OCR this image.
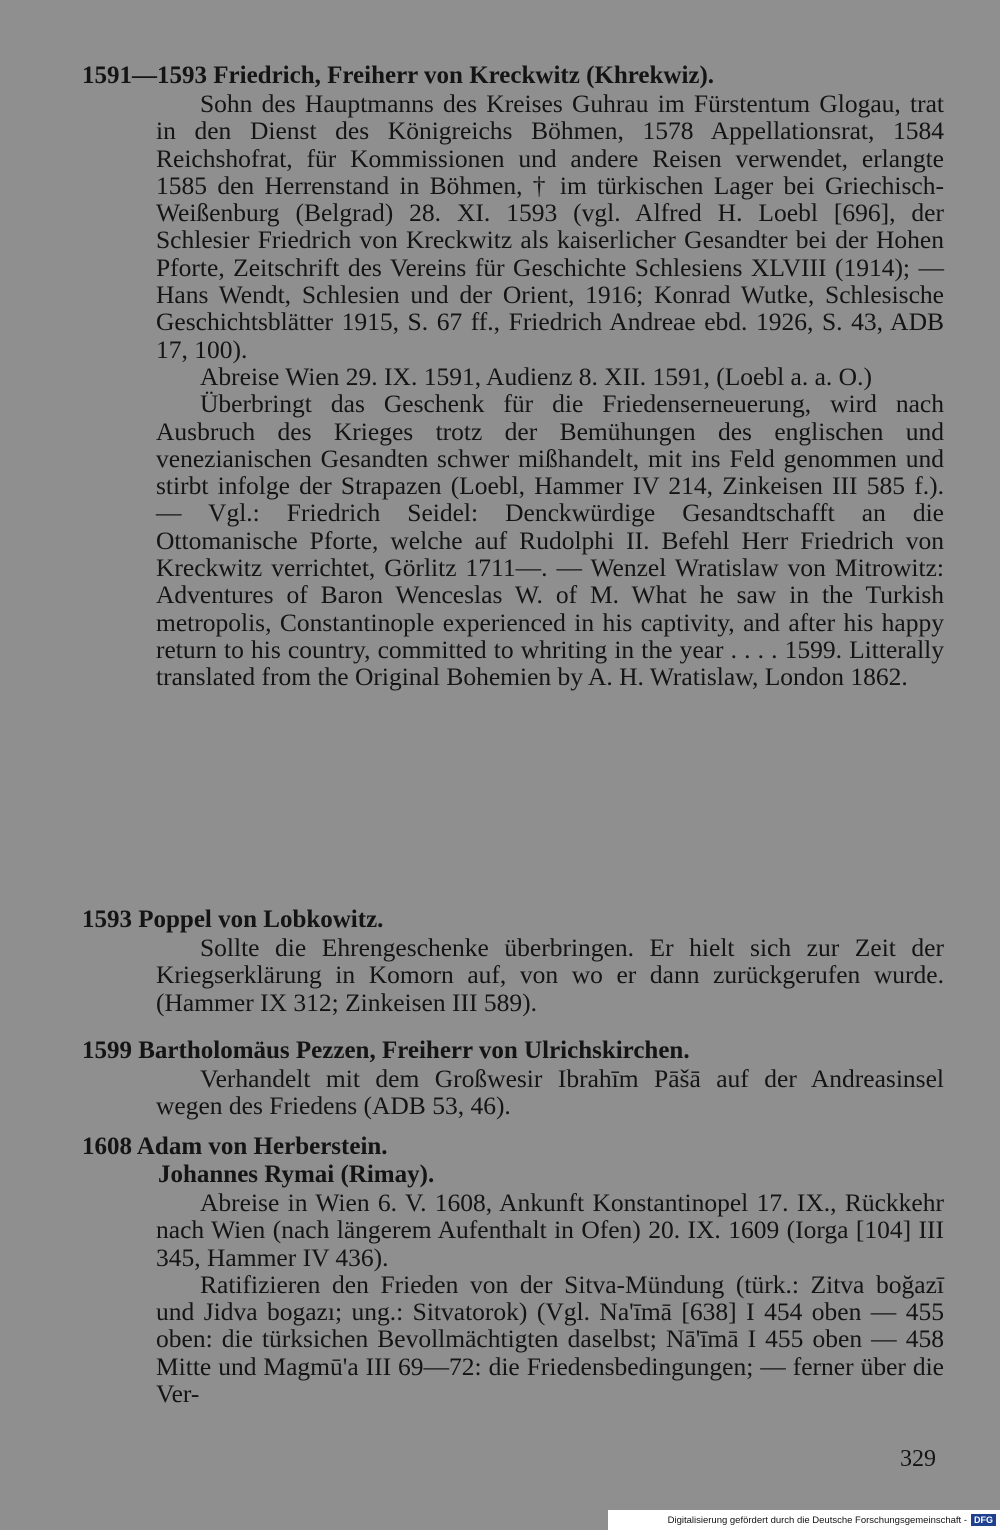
1591—1593 Friedrich, Freiherr von Kreckwitz (Khrekwiz).

Sohn des Hauptmanns des Kreises Guhrau im Fürstentum Glogau, trat in den Dienst des Königreichs Böhmen, 1578 Appellationsrat, 1584 Reichshofrat, für Kommissionen und andere Reisen verwendet, erlangte 1585 den Herrenstand in Böhmen, † im türkischen Lager bei Griechisch-Weißenburg (Belgrad) 28. XI. 1593 (vgl. Alfred H. Loebl [696], der Schlesier Friedrich von Kreckwitz als kaiserlicher Gesandter bei der Hohen Pforte, Zeitschrift des Vereins für Geschichte Schlesiens XLVIII (1914); — Hans Wendt, Schlesien und der Orient, 1916; Konrad Wutke, Schlesische Geschichtsblätter 1915, S. 67 ff., Friedrich Andreae ebd. 1926, S. 43, ADB 17, 100).

Abreise Wien 29. IX. 1591, Audienz 8. XII. 1591, (Loebl a. a. O.)

Überbringt das Geschenk für die Friedenserneuerung, wird nach Ausbruch des Krieges trotz der Bemühungen des englischen und venezianischen Gesandten schwer mißhandelt, mit ins Feld genommen und stirbt infolge der Strapazen (Loebl, Hammer IV 214, Zinkeisen III 585 f.). — Vgl.: Friedrich Seidel: Denckwürdige Gesandtschafft an die Ottomanische Pforte, welche auf Rudolphi II. Befehl Herr Friedrich von Kreckwitz verrichtet, Görlitz 1711—. — Wenzel Wratislaw von Mitrowitz: Adventures of Baron Wenceslas W. of M. What he saw in the Turkish metropolis, Constantinople experienced in his captivity, and after his happy return to his country, committed to whriting in the year . . . . 1599. Litterally translated from the Original Bohemien by A. H. Wratislaw, London 1862.

1593 Poppel von Lobkowitz.

Sollte die Ehrengeschenke überbringen. Er hielt sich zur Zeit der Kriegserklärung in Komorn auf, von wo er dann zurückgerufen wurde. (Hammer IX 312; Zinkeisen III 589).

1599 Bartholomäus Pezzen, Freiherr von Ulrichskirchen.

Verhandelt mit dem Großwesir Ibrahīm Pāšā auf der Andreasinsel wegen des Friedens (ADB 53, 46).

1608 Adam von Herberstein.
Johannes Rymai (Rimay).

Abreise in Wien 6. V. 1608, Ankunft Konstantinopel 17. IX., Rückkehr nach Wien (nach längerem Aufenthalt in Ofen) 20. IX. 1609 (Iorga [104] III 345, Hammer IV 436).

Ratifizieren den Frieden von der Sitva-Mündung (türk.: Zitva boğazī und Jidva bogazı; ung.: Sitvatorok) (Vgl. Na'īmā [638] I 454 oben — 455 oben: die türksichen Bevollmächtigten daselbst; Nā'īmā I 455 oben — 458 Mitte und Magmū'a III 69—72: die Friedensbedingungen; — ferner über die Ver-

329
Digitalisierung gefördert durch die Deutsche Forschungsgemeinschaft - DFG
